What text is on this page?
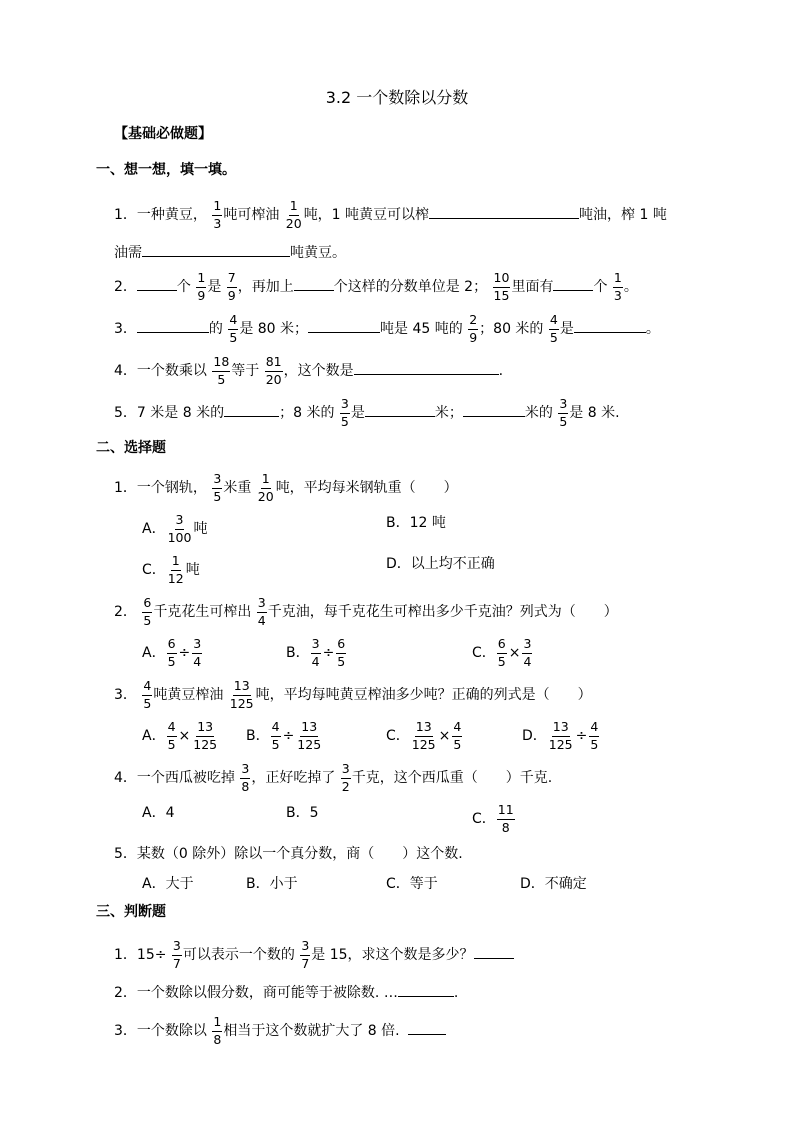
3.2 一个数除以分数
【基础必做题】
一、想一想，填一填。
1．一种黄豆， $\frac{1}{3}$ 吨可榨油 $\frac{1}{20}$ 吨，1 吨黄豆可以榨	吨油，榨 1 吨
油需	吨黄豆。
2．	个 $\frac{1}{9}$ 是 $\frac{7}{9}$ ，再加上	个这样的分数单位是 2； $\frac{10}{15}$ 里面有	个 $\frac{1}{3}$ 。
3．	的 $\frac{4}{5}$ 是 80 米；	吨是 45 吨的 $\frac{2}{9}$ ；80 米的 $\frac{4}{5}$ 是	。
4．一个数乘以 $\frac{18}{5}$ 等于 $\frac{81}{20}$ ，这个数是	.
5．7 米是 8 米的	；8 米的 $\frac{3}{5}$ 是	米；	米的 $\frac{3}{5}$ 是 8 米.
二、选择题
1．一个钢轨， $\frac{3}{5}$ 米重 $\frac{1}{20}$ 吨，平均每米钢轨重（　　）
A． $\frac{3}{100}$ 吨	B．12 吨
C． $\frac{1}{12}$ 吨	D．以上均不正确
2． $\frac{6}{5}$ 千克花生可榨出 $\frac{3}{4}$ 千克油，每千克花生可榨出多少千克油？列式为（　　）
A． $\frac{6}{5} \div \frac{3}{4}$	B． $\frac{3}{4} \div \frac{6}{5}$	C． $\frac{6}{5} \times \frac{3}{4}$
3． $\frac{4}{5}$ 吨黄豆榨油 $\frac{13}{125}$ 吨，平均每吨黄豆榨油多少吨？正确的列式是（　　）
A． $\frac{4}{5} \times \frac{13}{125}$ B． $\frac{4}{5} \div \frac{13}{125}$	C． $\frac{13}{125} \times \frac{4}{5}$	D． $\frac{13}{125} \div \frac{4}{5}$
4．一个西瓜被吃掉 $\frac{3}{8}$ ，正好吃掉了 $\frac{3}{2}$ 千克，这个西瓜重（　　）千克.
A．4	B．5	C． $\frac{11}{8}$
5．某数（0 除外）除以一个真分数，商（　　）这个数.
A．大于	B．小于	C．等于	D．不确定
三、判断题
1．$15\div \frac{3}{7}$ 可以表示一个数的 $\frac{3}{7}$ 是 15，求这个数是多少？
2．一个数除以假分数，商可能等于被除数. …	.
3．一个数除以 $\frac{1}{8}$ 相当于这个数就扩大了 8 倍.
